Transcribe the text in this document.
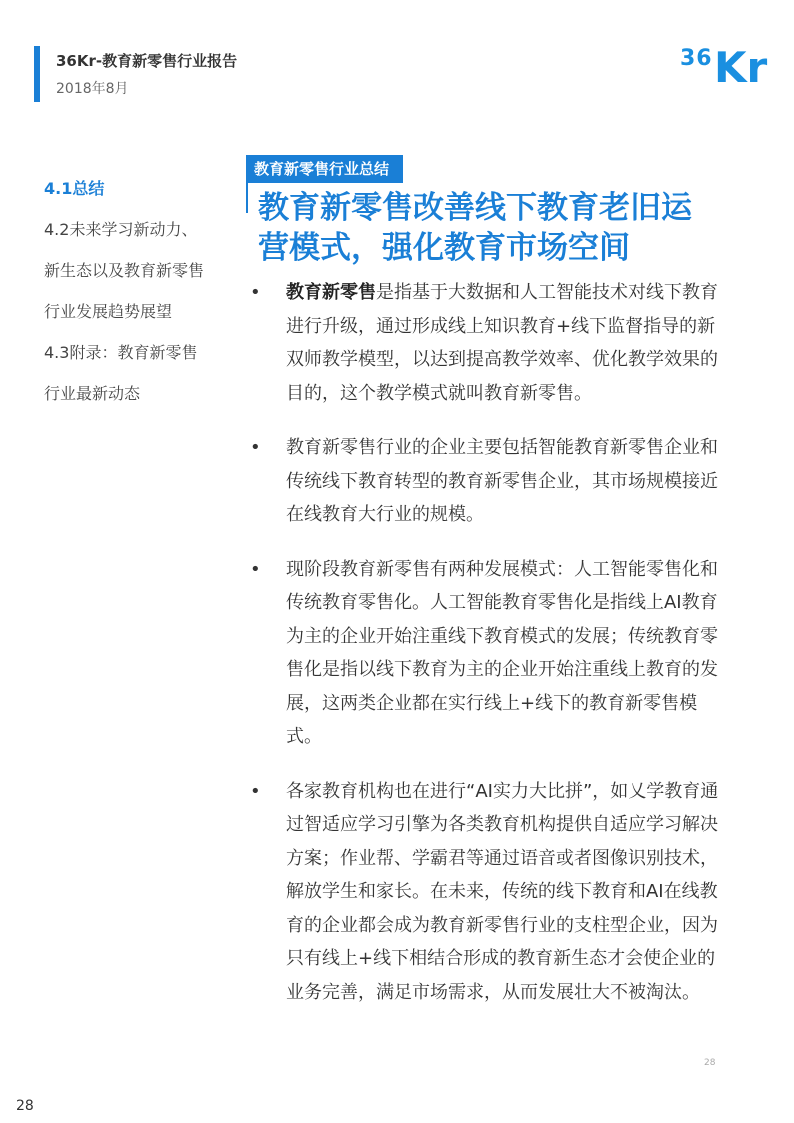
36Kr-教育新零售行业报告
2018年8月
36 Kr
4.1总结
4.2未来学习新动力、
新生态以及教育新零售
行业发展趋势展望
4.3附录：教育新零售
行业最新动态
教育新零售行业总结
教育新零售改善线下教育老旧运
营模式，强化教育市场空间
• 教育新零售是指基于大数据和人工智能技术对线下教育进行升级，通过形成线上知识教育+线下监督指导的新双师教学模型，以达到提高教学效率、优化教学效果的目的，这个教学模式就叫教育新零售。
• 教育新零售行业的企业主要包括智能教育新零售企业和传统线下教育转型的教育新零售企业，其市场规模接近在线教育大行业的规模。
• 现阶段教育新零售有两种发展模式：人工智能零售化和传统教育零售化。人工智能教育零售化是指线上AI教育为主的企业开始注重线下教育模式的发展；传统教育零售化是指以线下教育为主的企业开始注重线上教育的发展，这两类企业都在实行线上+线下的教育新零售模式。
• 各家教育机构也在进行“AI实力大比拼”，如乂学教育通过智适应学习引擎为各类教育机构提供自适应学习解决方案；作业帮、学霸君等通过语音或者图像识别技术，解放学生和家长。在未来，传统的线下教育和AI在线教育的企业都会成为教育新零售行业的支柱型企业，因为只有线上+线下相结合形成的教育新生态才会使企业的业务完善，满足市场需求，从而发展壮大不被淘汰。
28
28
